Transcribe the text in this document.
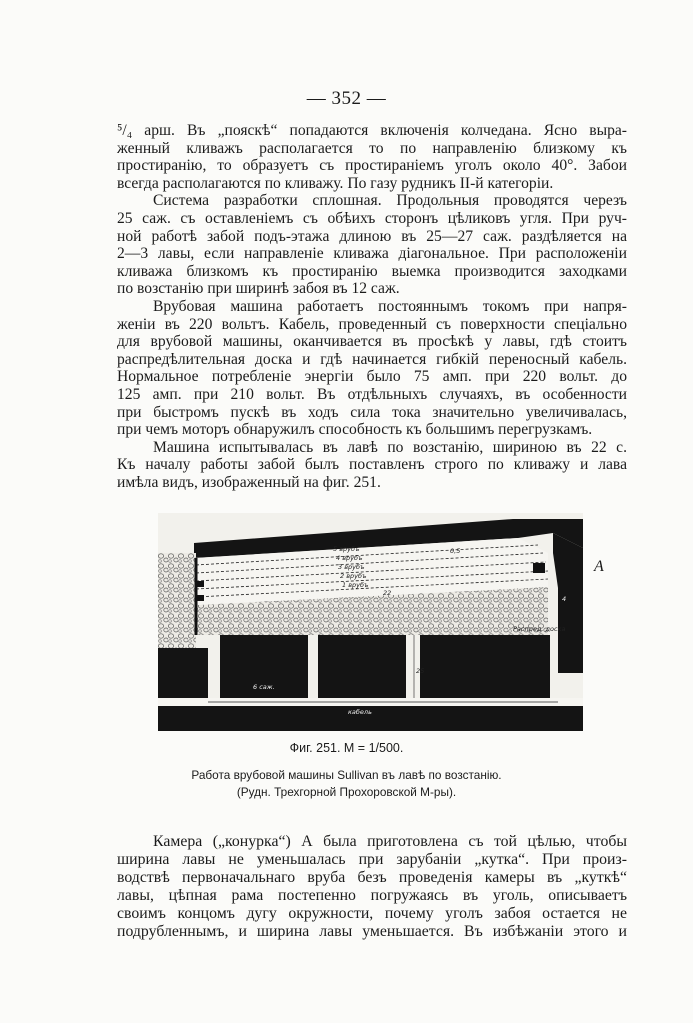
— 352 —
⁵/₄ арш. Въ „пояскѣ“ попадаются включенія колчедана. Ясно выра-
женный кливажъ располагается то по направленію близкому къ
простиранію, то образуетъ съ простираніемъ уголъ около 40°. Забои
всегда располагаются по кливажу. По газу рудникъ II-й категоріи.
Система разработки сплошная. Продольныя проводятся черезъ
25 саж. съ оставленіемъ съ обѣихъ сторонъ цѣликовъ угля. При руч-
ной работѣ забой подъ-этажа длиною въ 25—27 саж. раздѣляется на
2—3 лавы, если направленіе кливажа діагональное. При расположеніи
кливажа близкомъ къ простиранію выемка производится заходками
по возстанію при ширинѣ забоя въ 12 саж.
Врубовая машина работаетъ постояннымъ токомъ при напря-
женіи въ 220 вольтъ. Кабель, проведенный съ поверхности спеціально
для врубовой машины, оканчивается въ просѣкѣ у лавы, гдѣ стоитъ
распредѣлительная доска и гдѣ начинается гибкій переносный кабель.
Нормальное потребленіе энергіи было 75 амп. при 220 вольт. до
125 амп. при 210 вольт. Въ отдѣльныхъ случаяхъ, въ особенности
при быстромъ пускѣ въ ходъ сила тока значительно увеличивалась,
при чемъ моторъ обнаружилъ способность къ большимъ перегрузкамъ.
Машина испытывалась въ лавѣ по возстанію, шириною въ 22 с.
Къ началу работы забой былъ поставленъ строго по кливажу и лава
имѣла видъ, изображенный на фиг. 251.
5 врубъ
4 врубъ
3 врубъ
2 врубъ
1 врубъ
22
6 саж.
кабель
Распред. доска
25
0,5
4
A
Фиг. 251. М = 1/500.
Работа врубовой машины Sullivan въ лавѣ по возстанію.
(Рудн. Трехгорной Прохоровской М-ры).
Камера („конурка“) А была приготовлена съ той цѣлью, чтобы
ширина лавы не уменьшалась при зарубаніи „кутка“. При произ-
водствѣ первоначальнаго вруба безъ проведенія камеры въ „куткѣ“
лавы, цѣпная рама постепенно погружаясь въ уголь, описываетъ
своимъ концомъ дугу окружности, почему уголъ забоя остается не
подрубленнымъ, и ширина лавы уменьшается. Въ избѣжаніи этого и
